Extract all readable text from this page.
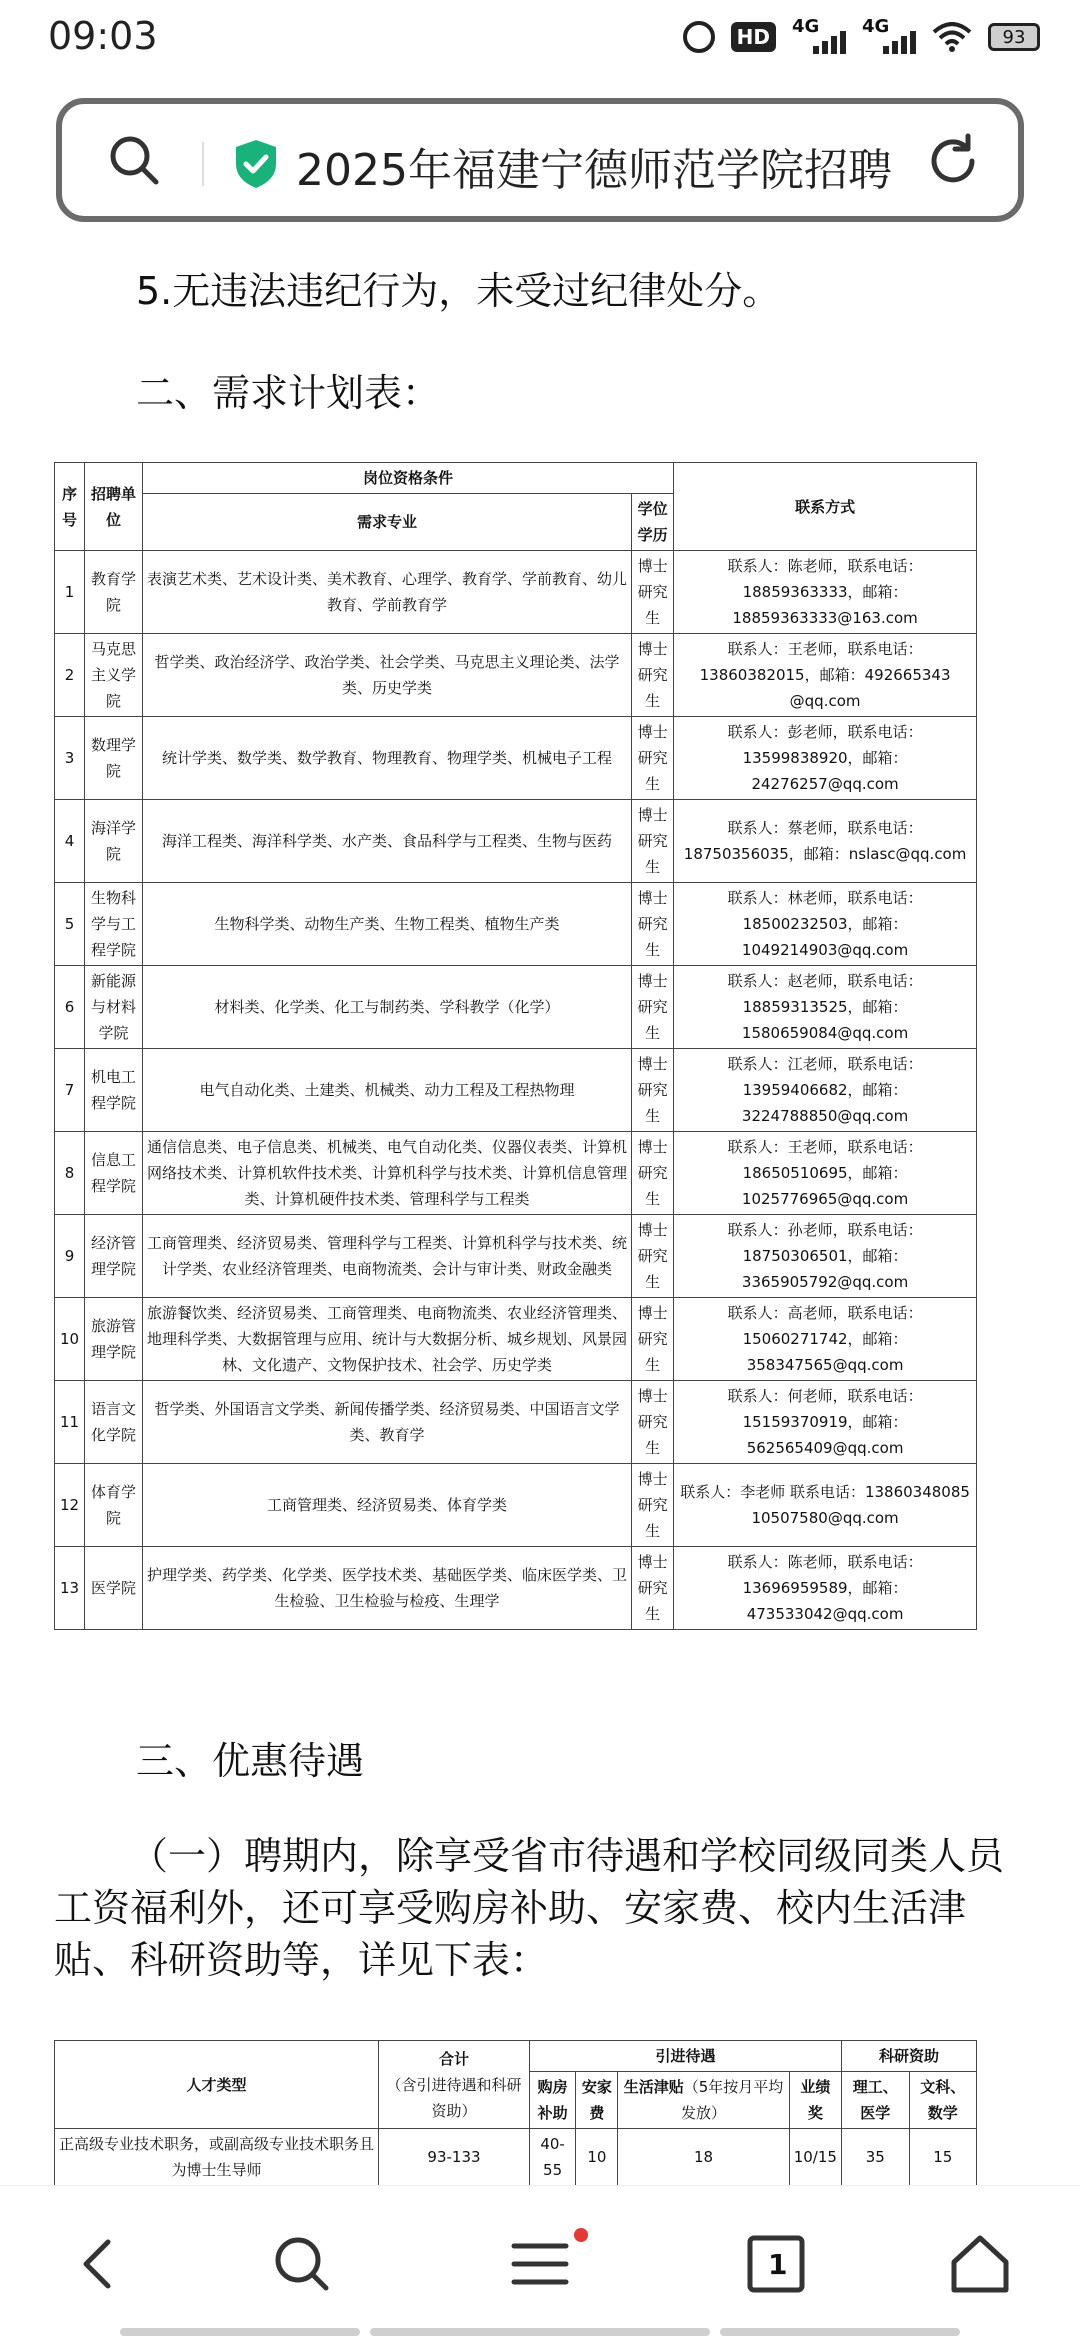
09:03	HD	4G 4G	93
2025年福建宁德师范学院招聘
5.无违法违纪行为，未受过纪律处分。
二、需求计划表：
序号	招聘单位	岗位资格条件		联系方式
		需求专业	学位学历	
1	教育学院	表演艺术类、艺术设计类、美术教育、心理学、教育学、学前教育、幼儿教育、学前教育学	博士研究生	联系人：陈老师，联系电话：18859363333，邮箱：18859363333@163.com
2	马克思主义学院	哲学类、政治经济学、政治学类、社会学类、马克思主义理论类、法学类、历史学类	博士研究生	联系人：王老师，联系电话：13860382015，邮箱：492665343 @qq.com
3	数理学院	统计学类、数学类、数学教育、物理教育、物理学类、机械电子工程	博士研究生	联系人：彭老师，联系电话：13599838920，邮箱：24276257@qq.com
4	海洋学院	海洋工程类、海洋科学类、水产类、食品科学与工程类、生物与医药	博士研究生	联系人：蔡老师，联系电话：18750356035，邮箱：nslasc@qq.com
5	生物科学与工程学院	生物科学类、动物生产类、生物工程类、植物生产类	博士研究生	联系人：林老师，联系电话：18500232503，邮箱：1049214903@qq.com
6	新能源与材料学院	材料类、化学类、化工与制药类、学科教学（化学）	博士研究生	联系人：赵老师，联系电话：18859313525，邮箱：1580659084@qq.com
7	机电工程学院	电气自动化类、土建类、机械类、动力工程及工程热物理	博士研究生	联系人：江老师，联系电话：13959406682，邮箱：3224788850@qq.com
8	信息工程学院	通信信息类、电子信息类、机械类、电气自动化类、仪器仪表类、计算机网络技术类、计算机软件技术类、计算机科学与技术类、计算机信息管理类、计算机硬件技术类、管理科学与工程类	博士研究生	联系人：王老师，联系电话：18650510695，邮箱：1025776965@qq.com
9	经济管理学院	工商管理类、经济贸易类、管理科学与工程类、计算机科学与技术类、统计学类、农业经济管理类、电商物流类、会计与审计类、财政金融类	博士研究生	联系人：孙老师，联系电话：18750306501，邮箱：3365905792@qq.com
10	旅游管理学院	旅游餐饮类、经济贸易类、工商管理类、电商物流类、农业经济管理类、地理科学类、大数据管理与应用、统计与大数据分析、城乡规划、风景园林、文化遗产、文物保护技术、社会学、历史学类	博士研究生	联系人：高老师，联系电话：15060271742，邮箱：358347565@qq.com
11	语言文化学院	哲学类、外国语言文学类、新闻传播学类、经济贸易类、中国语言文学类、教育学	博士研究生	联系人：何老师，联系电话：15159370919，邮箱：562565409@qq.com
12	体育学院	工商管理类、经济贸易类、体育学类	博士研究生	联系人：李老师 联系电话：13860348085 10507580@qq.com
13	医学院	护理学类、药学类、化学类、医学技术类、基础医学类、临床医学类、卫生检验、卫生检验与检疫、生理学	博士研究生	联系人：陈老师，联系电话：13696959589，邮箱：473533042@qq.com
三、优惠待遇
（一）聘期内，除享受省市待遇和学校同级同类人员工资福利外，还可享受购房补助、安家费、校内生活津贴、科研资助等，详见下表：
人才类型	合计
（含引进待遇和科研资助）	引进待遇				科研资助	
		购房补助	安家费	生活津贴（5年按月平均发放）	业绩奖	理工、医学	文科、数学
正高级专业技术职务，或副高级专业技术职务且为博士生导师	93-133	40-55	10	18	10/15	35	15
1
